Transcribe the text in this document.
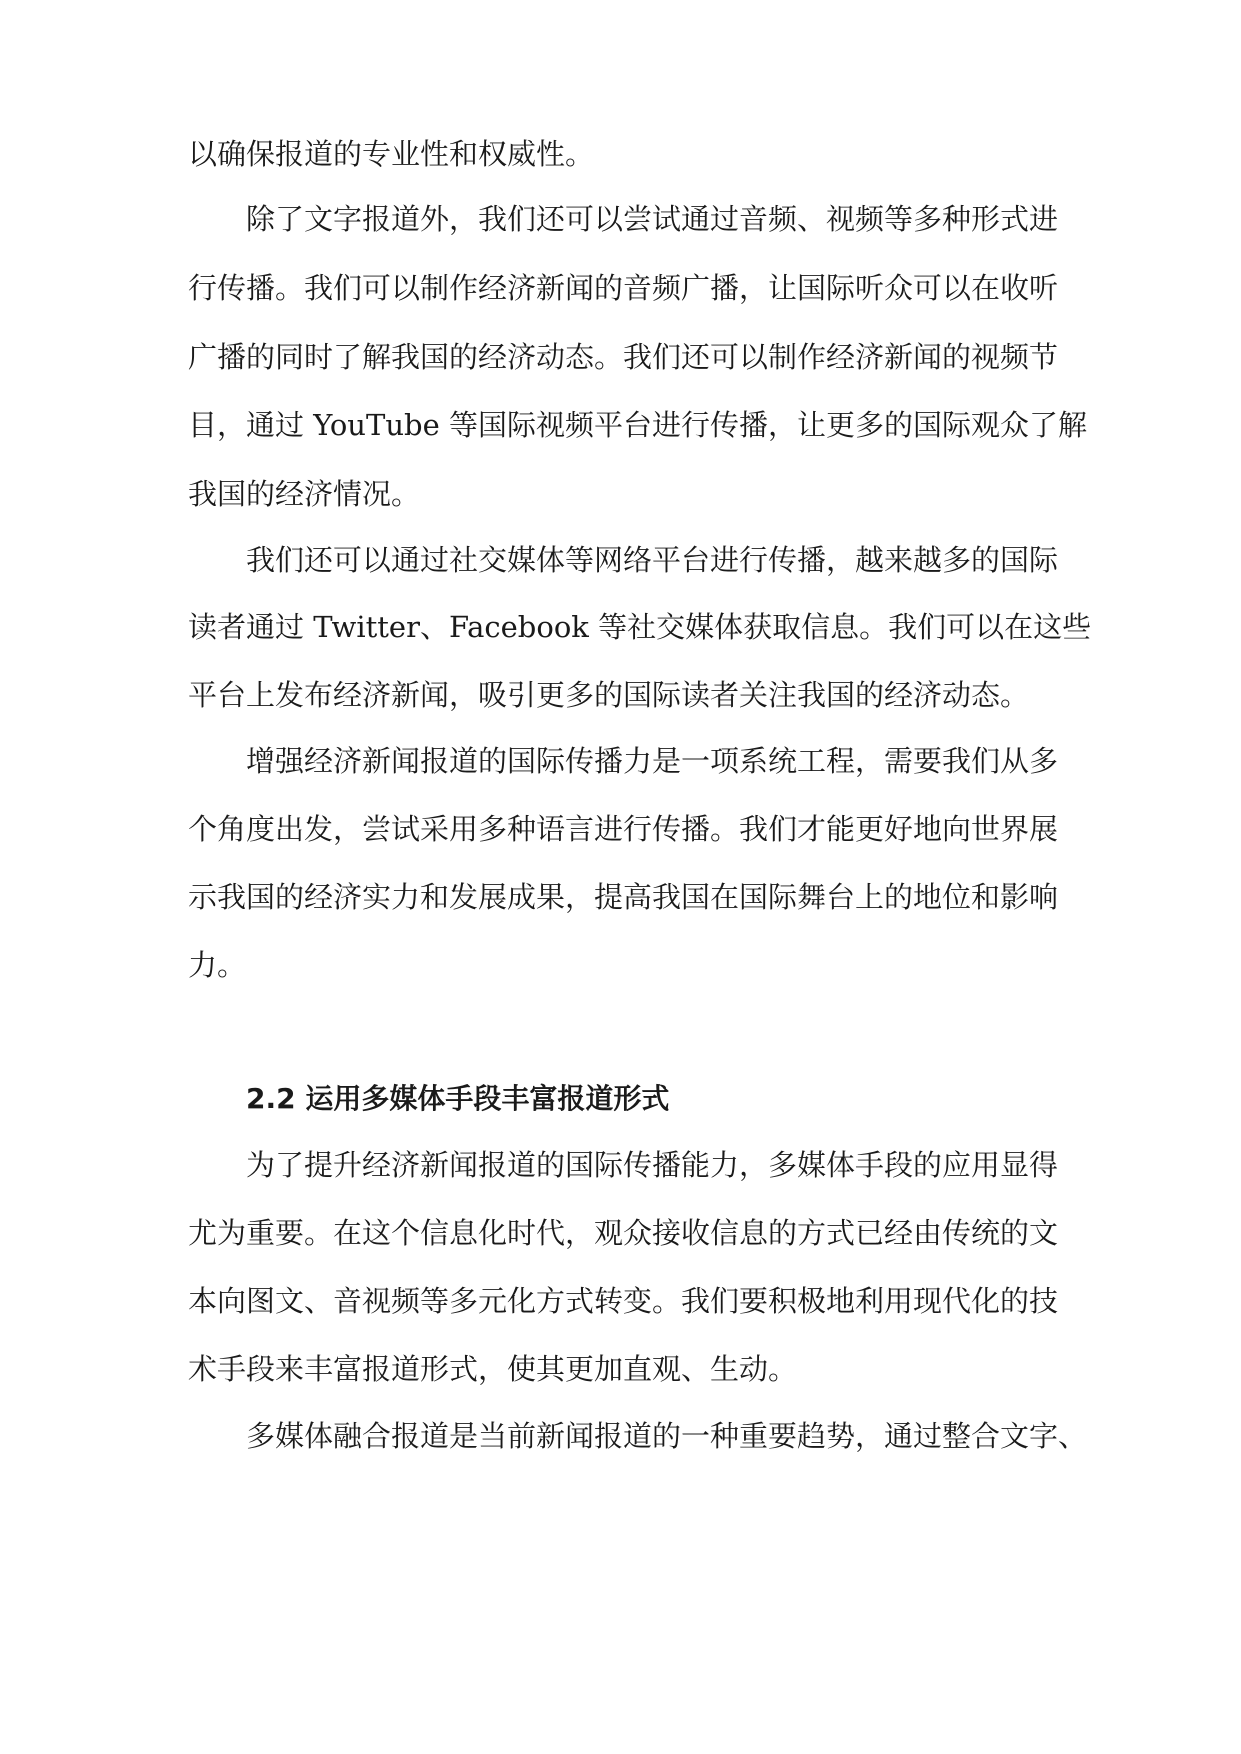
以确保报道的专业性和权威性。
除了文字报道外，我们还可以尝试通过音频、视频等多种形式进
行传播。我们可以制作经济新闻的音频广播，让国际听众可以在收听
广播的同时了解我国的经济动态。我们还可以制作经济新闻的视频节
目，通过 YouTube 等国际视频平台进行传播，让更多的国际观众了解
我国的经济情况。
我们还可以通过社交媒体等网络平台进行传播，越来越多的国际
读者通过 Twitter、Facebook 等社交媒体获取信息。我们可以在这些
平台上发布经济新闻，吸引更多的国际读者关注我国的经济动态。
增强经济新闻报道的国际传播力是一项系统工程，需要我们从多
个角度出发，尝试采用多种语言进行传播。我们才能更好地向世界展
示我国的经济实力和发展成果，提高我国在国际舞台上的地位和影响
力。
2.2 运用多媒体手段丰富报道形式
为了提升经济新闻报道的国际传播能力，多媒体手段的应用显得
尤为重要。在这个信息化时代，观众接收信息的方式已经由传统的文
本向图文、音视频等多元化方式转变。我们要积极地利用现代化的技
术手段来丰富报道形式，使其更加直观、生动。
多媒体融合报道是当前新闻报道的一种重要趋势，通过整合文字、
